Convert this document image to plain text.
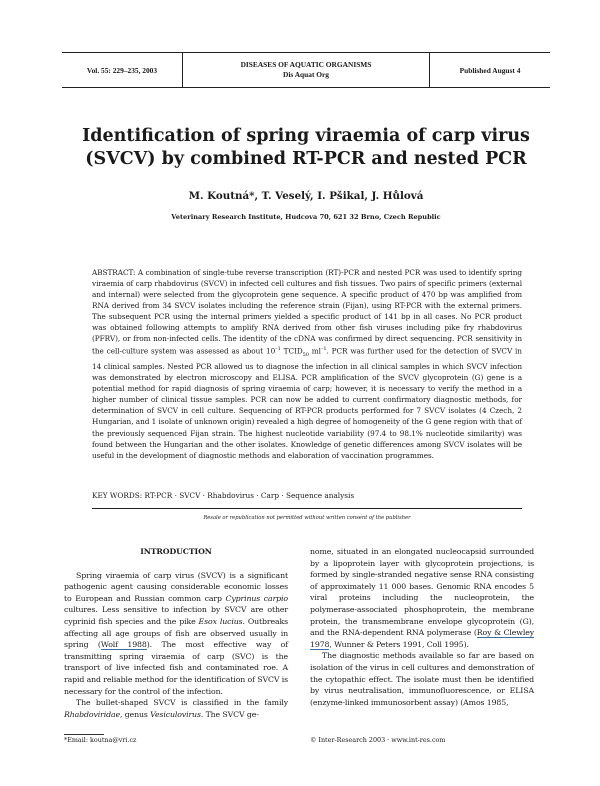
Vol. 55: 229–235, 2003
DISEASES OF AQUATIC ORGANISMS
Dis Aquat Org	Published August 4
Identification of spring viraemia of carp virus
(SVCV) by combined RT-PCR and nested PCR
M. Koutná*, T. Veselý, I. Pšikal, J. Hůlová
Veterinary Research Institute, Hudcova 70, 621 32 Brno, Czech Republic
ABSTRACT: A combination of single-tube reverse transcription (RT)-PCR and nested PCR was used to identify spring viraemia of carp rhabdovirus (SVCV) in infected cell cultures and fish tissues. Two pairs of specific primers (external and internal) were selected from the glycoprotein gene sequence. A specific product of 470 bp was amplified from RNA derived from 34 SVCV isolates including the reference strain (Fijan), using RT-PCR with the external primers. The subsequent PCR using the internal primers yielded a specific product of 141 bp in all cases. No PCR product was obtained following attempts to amplify RNA derived from other fish viruses including pike fry rhabdovirus (PFRV), or from non-infected cells. The identity of the cDNA was confirmed by direct sequencing. PCR sensitivity in the cell-culture system was assessed as about $10^{-1}$ $TCID_{50}$ $ml^{-1}$. PCR was further used for the detection of SVCV in 14 clinical samples. Nested PCR allowed us to diagnose the infection in all clinical samples in which SVCV infection was demonstrated by electron microscopy and ELISA. PCR amplification of the SVCV glycoprotein (G) gene is a potential method for rapid diagnosis of spring viraemia of carp; however, it is necessary to verify the method in a higher number of clinical tissue samples. PCR can now be added to current confirmatory diagnostic methods, for determination of SVCV in cell culture. Sequencing of RT-PCR products performed for 7 SVCV isolates (4 Czech, 2 Hungarian, and 1 isolate of unknown origin) revealed a high degree of homogeneity of the G gene region with that of the previously sequenced Fijan strain. The highest nucleotide variability (97.4 to 98.1% nucleotide similarity) was found between the Hungarian and the other isolates. Knowledge of genetic differences among SVCV isolates will be useful in the development of diagnostic methods and elaboration of vaccination programmes.
KEY WORDS: RT-PCR · SVCV · Rhabdovirus · Carp · Sequence analysis
Resale or republication not permitted without written consent of the publisher
INTRODUCTION

Spring viraemia of carp virus (SVCV) is a significant pathogenic agent causing considerable economic losses to European and Russian common carp Cyprinus carpio cultures. Less sensitive to infection by SVCV are other cyprinid fish species and the pike Esox lucius. Outbreaks affecting all age groups of fish are observed usually in spring (Wolf 1988). The most effective way of transmitting spring viraemia of carp (SVC) is the transport of live infected fish and contaminated roe. A rapid and reliable method for the identification of SVCV is necessary for the control of the infection.

The bullet-shaped SVCV is classified in the family Rhabdoviridae, genus Vesiculovirus. The SVCV ge-

nome, situated in an elongated nucleocapsid surrounded by a lipoprotein layer with glycoprotein projections, is formed by single-stranded negative sense RNA consisting of approximately 11 000 bases. Genomic RNA encodes 5 viral proteins including the nucleoprotein, the polymerase-associated phosphoprotein, the membrane protein, the transmembrane envelope glycoprotein (G), and the RNA-dependent RNA polymerase (Roy & Clewley 1978, Wunner & Peters 1991, Coll 1995).

The diagnostic methods available so far are based on isolation of the virus in cell cultures and demonstration of the cytopathic effect. The isolate must then be identified by virus neutralisation, immunofluorescence, or ELISA (enzyme-linked immunosorbent assay) (Amos 1985,

*Email: koutna@vri.cz	© Inter-Research 2003 · www.int-res.com
